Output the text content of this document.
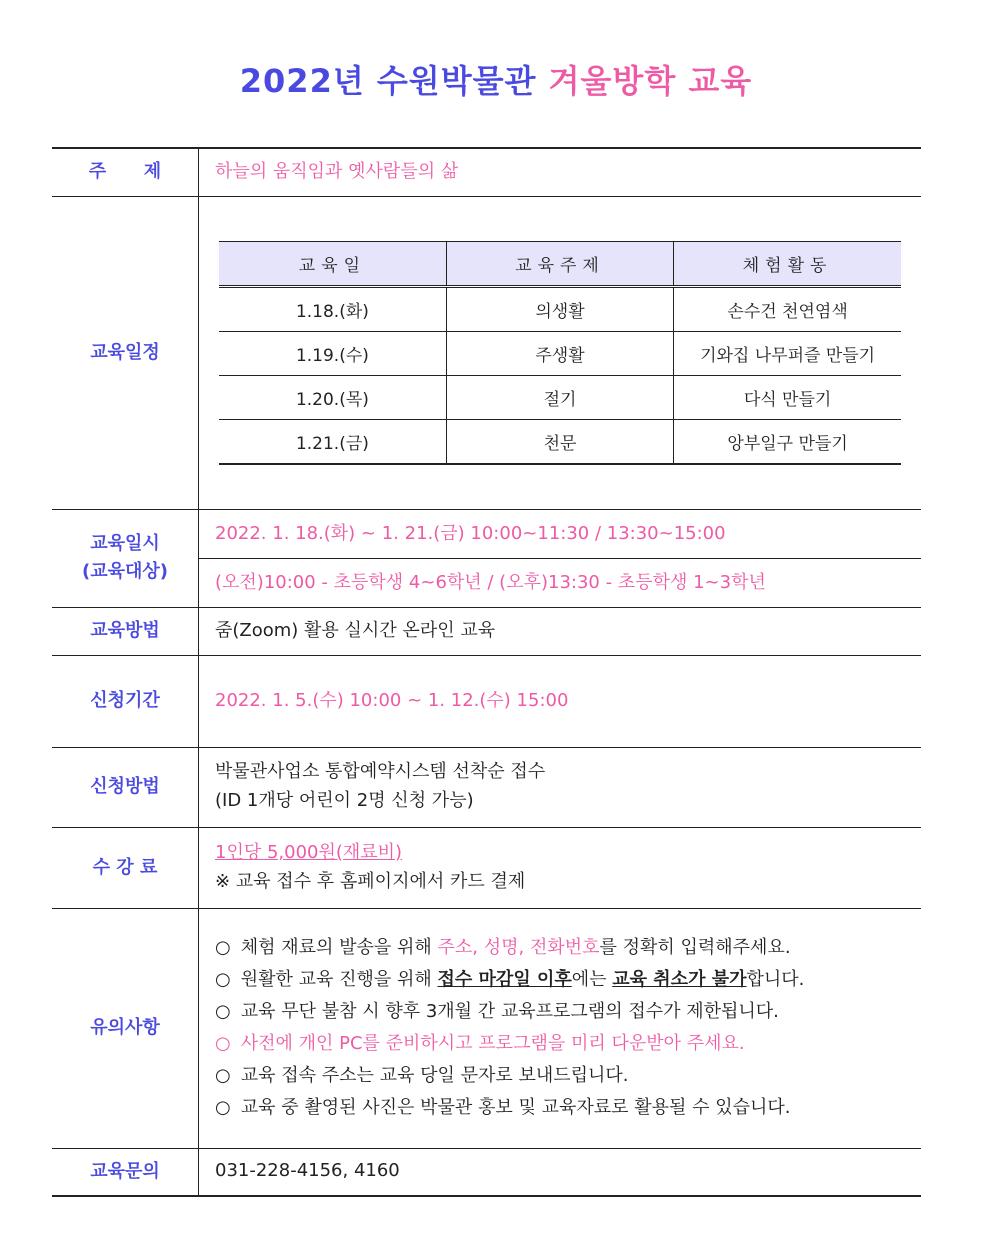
2022년 수원박물관 겨울방학 교육
주      제	하늘의 움직임과 옛사람들의 삶
교육일정	
교육일	교육주제	체험활동
1.18.(화)	의생활	손수건 천연염색
1.19.(수)	주생활	기와집 나무퍼즐 만들기
1.20.(목)	절기	다식 만들기
1.21.(금)	천문	앙부일구 만들기

교육일시
(교육대상)

2022. 1. 18.(화) ~ 1. 21.(금) 10:00~11:30 / 13:30~15:00
(오전)10:00 - 초등학생 4~6학년 / (오후)13:30 - 초등학생 1~3학년

교육방법	줌(Zoom) 활용 실시간 온라인 교육
신청기간	2022. 1. 5.(수) 10:00 ~ 1. 12.(수) 15:00
신청방법	
박물관사업소 통합예약시스템 선착순 접수
(ID 1개당 어린이 2명 신청 가능)

수 강 료	
1인당 5,000원(재료비)
※ 교육 접수 후 홈페이지에서 카드 결제

유의사항	
○ 체험 재료의 발송을 위해 주소, 성명, 전화번호를 정확히 입력해주세요.
○ 원활한 교육 진행을 위해 접수 마감일 이후에는 교육 취소가 불가합니다.
○ 교육 무단 불참 시 향후 3개월 간 교육프로그램의 접수가 제한됩니다.
○ 사전에 개인 PC를 준비하시고 프로그램을 미리 다운받아 주세요.
○ 교육 접속 주소는 교육 당일 문자로 보내드립니다.
○ 교육 중 촬영된 사진은 박물관 홍보 및 교육자료로 활용될 수 있습니다.

교육문의	031-228-4156, 4160
